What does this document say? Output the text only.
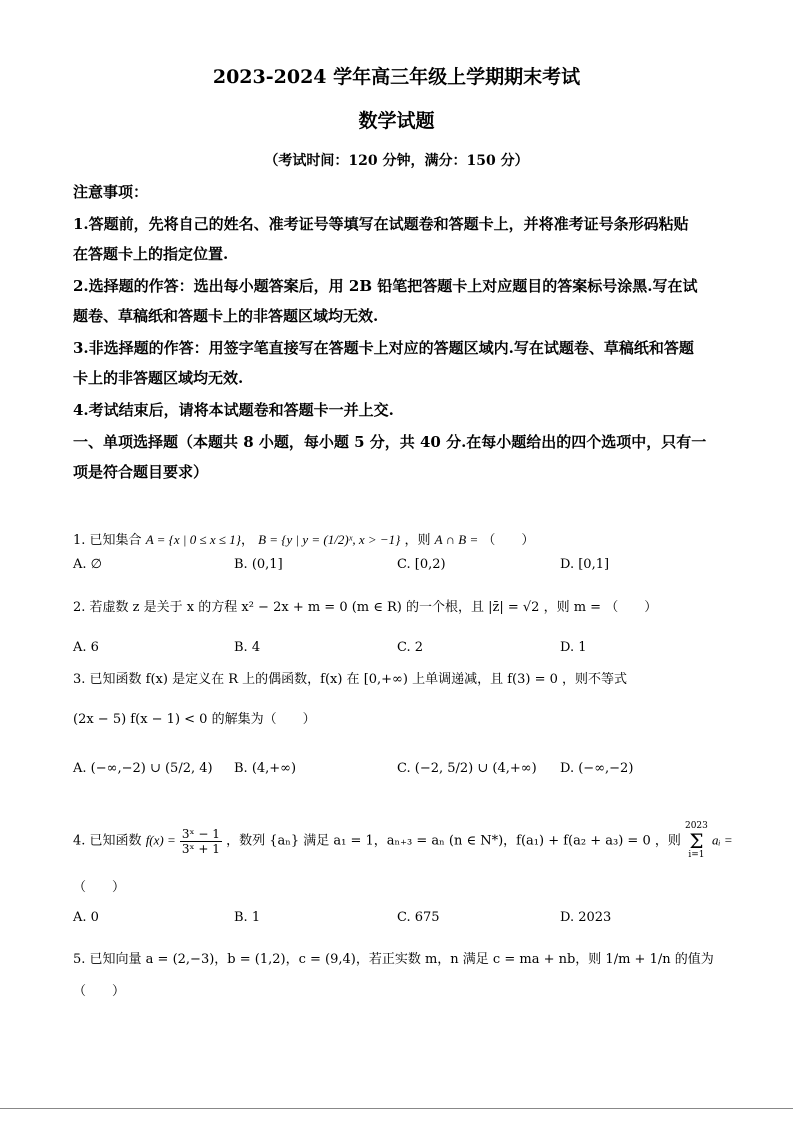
2023-2024 学年高三年级上学期期末考试
数学试题
（考试时间：120 分钟，满分：150 分）
注意事项：
1.答题前，先将自己的姓名、准考证号等填写在试题卷和答题卡上，并将准考证号条形码粘贴
在答题卡上的指定位置.
2.选择题的作答：选出每小题答案后，用 2B 铅笔把答题卡上对应题目的答案标号涂黑.写在试
题卷、草稿纸和答题卡上的非答题区域均无效.
3.非选择题的作答：用签字笔直接写在答题卡上对应的答题区域内.写在试题卷、草稿纸和答题
卡上的非答题区域均无效.
4.考试结束后，请将本试题卷和答题卡一并上交.
一、单项选择题（本题共 8 小题，每小题 5 分，共 40 分.在每小题给出的四个选项中，只有一
项是符合题目要求）
1. 已知集合 A = {x | 0 ≤ x ≤ 1}， B = {y | y = (1/2)ˣ, x > −1} ，则 A ∩ B = （　　）
A. ∅	B. (0,1]	C. [0,2)	D. [0,1]
2. 若虚数 z 是关于 x 的方程 x² − 2x + m = 0 (m ∈ R) 的一个根，且 |z̄| = √2 ，则 m = （　　）
A. 6	B. 4	C. 2	D. 1
3. 已知函数 f(x) 是定义在 R 上的偶函数，f(x) 在 [0,+∞) 上单调递减，且 f(3) = 0 ，则不等式
(2x − 5) f(x − 1) < 0 的解集为（　　）
A. (−∞,−2) ∪ (5/2, 4) B. (4,+∞)	C. (−2, 5/2) ∪ (4,+∞) D. (−∞,−2)
4. 已知函数 $f(x) = \frac{\text{3ˣ − 1}}{\text{3ˣ + 1}}$ ，数列 {aₙ} 满足 a₁ = 1，aₙ₊₃ = aₙ (n ∈ N*)，f(a₁) + f(a₂ + a₃) = 0 ，则 2023
Σ
i=1 aᵢ =
（　　）
A. 0	B. 1	C. 675	D. 2023
5. 已知向量 a = (2,−3)，b = (1,2)，c = (9,4)，若正实数 m，n 满足 c = ma + nb，则 1/m + 1/n 的值为
（　　）
